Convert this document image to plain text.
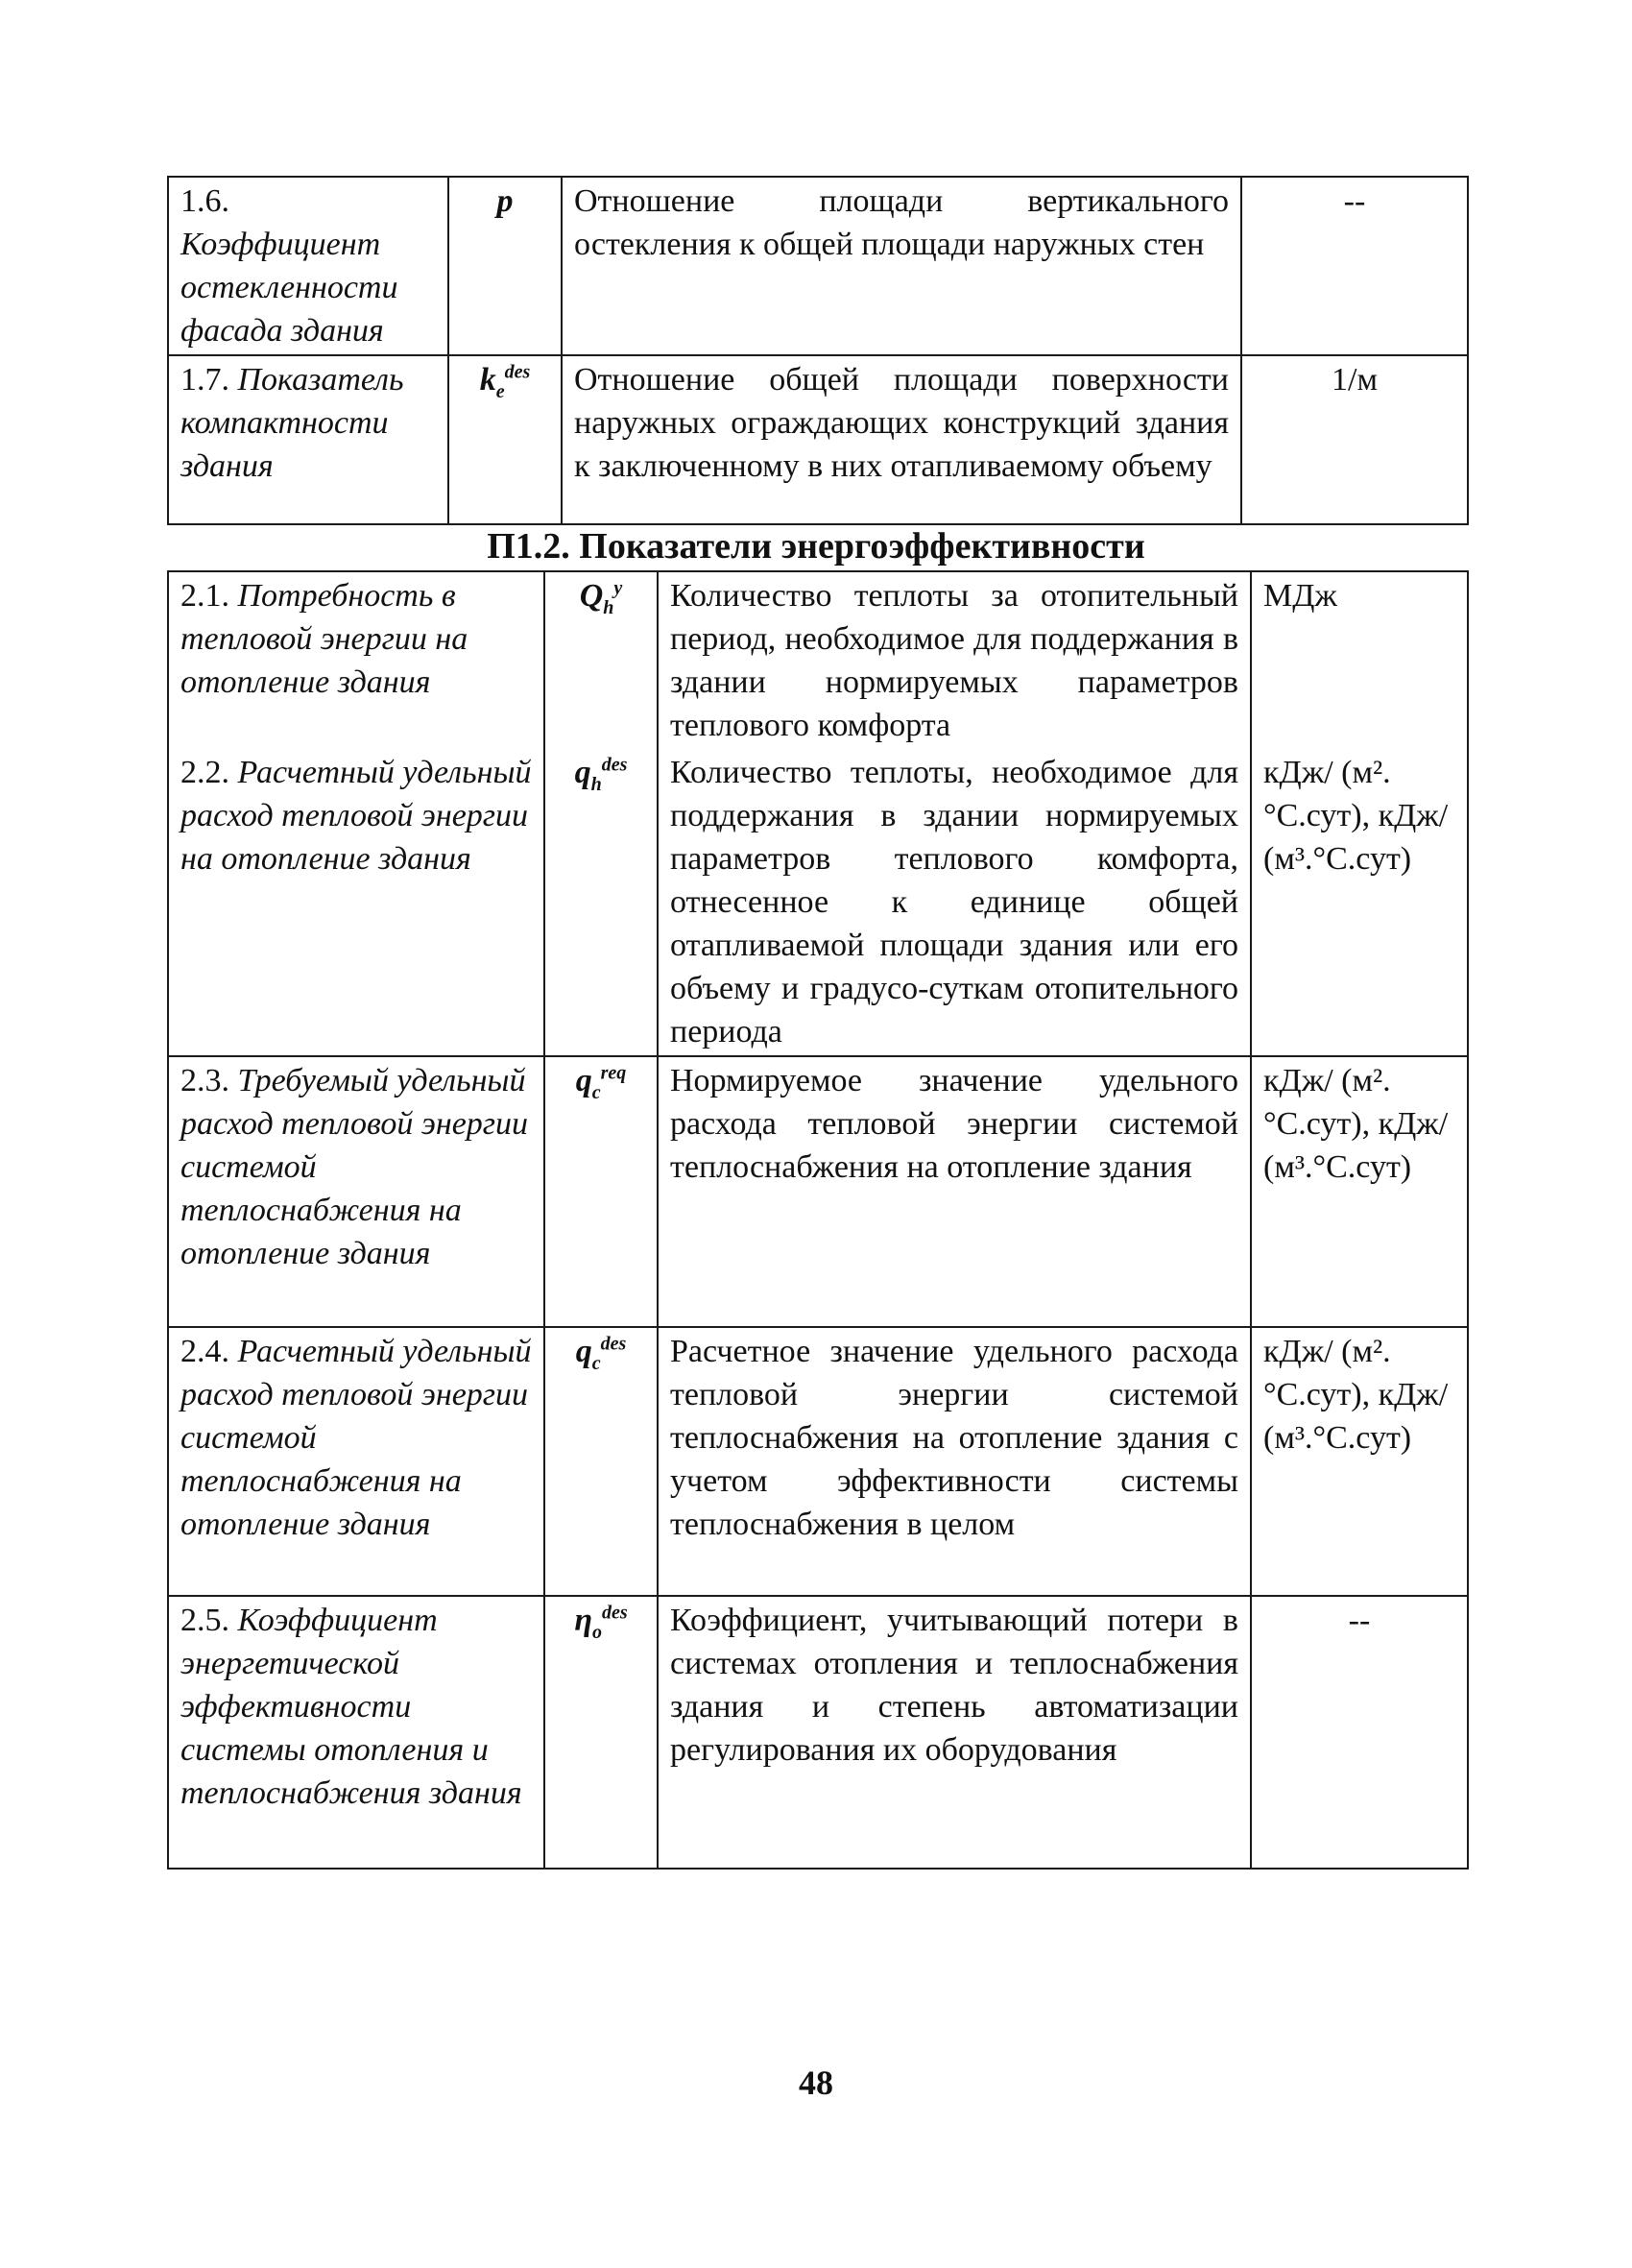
1.6. Коэффициент остекленности фасада здания	p	Отношение площади вертикального остекления к общей площади наружных стен	--
1.7. Показатель компактности здания	$k_e^{des}$	Отношение общей площади поверхности наружных ограждающих конструкций здания к заключенному в них отапливаемому объему	1/м
П1.2. Показатели энергоэффективности
2.1. Потребность в тепловой энергии на отопление здания	$Q_h^y$	Количество теплоты за отопительный период, необходимое для поддержания в здании нормируемых параметров теплового комфорта	МДж
2.2. Расчетный удельный расход тепловой энергии на отопление здания	$q_h^{des}$	Количество теплоты, необходимое для поддержания в здании нормируемых параметров теплового комфорта, отнесенное к единице общей отапливаемой площади здания или его объему и градусо-суткам отопительного периода	кДж/ (м².°С.сут), кДж/ (м³.°С.сут)
2.3. Требуемый удельный расход тепловой энергии системой теплоснабжения на отопление здания	$q_c^{req}$	Нормируемое значение удельного расхода тепловой энергии системой теплоснабжения на отопление здания	кДж/ (м².°С.сут), кДж/ (м³.°С.сут)
2.4. Расчетный удельный расход тепловой энергии системой теплоснабжения на отопление здания	$q_c^{des}$	Расчетное значение удельного расхода тепловой энергии системой теплоснабжения на отопление здания с учетом эффективности системы теплоснабжения в целом	кДж/ (м².°С.сут), кДж/ (м³.°С.сут)
2.5. Коэффициент энергетической эффективности системы отопления и теплоснабжения здания	$\eta_o^{des}$	Коэффициент, учитывающий потери в системах отопления и теплоснабжения здания и степень автоматизации регулирования их оборудования	--
48
